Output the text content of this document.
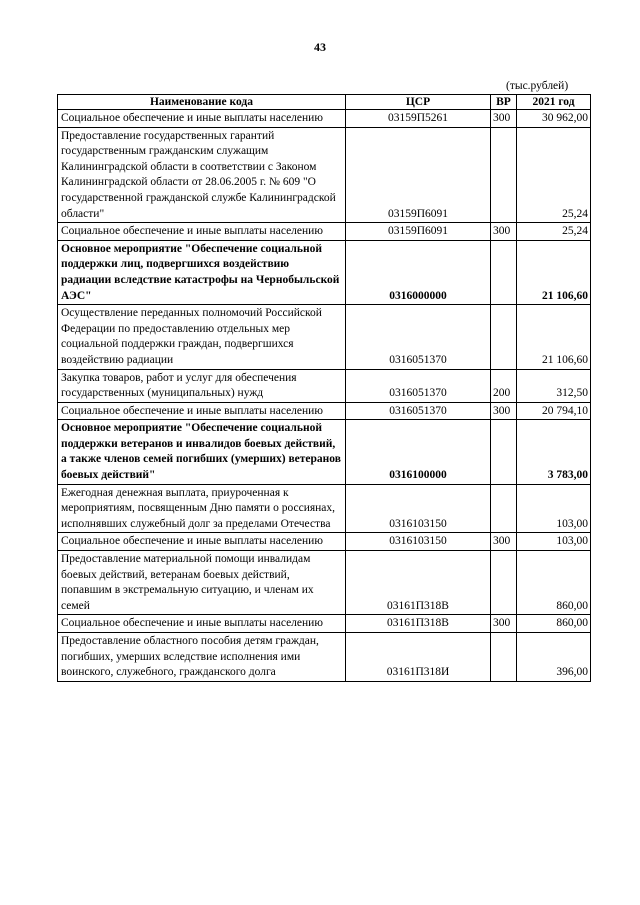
43
(тыс.рублей)
Наименование кода	ЦСР	ВР	2021 год
Социальное обеспечение и иные выплаты населению	03159П5261	300	30 962,00
Предоставление государственных гарантий государственным гражданским служащим Калининградской области в соответствии с Законом Калининградской области от 28.06.2005 г. № 609 "О государственной гражданской службе Калининградской области"	03159П6091		25,24
Социальное обеспечение и иные выплаты населению	03159П6091	300	25,24
Основное мероприятие "Обеспечение социальной поддержки лиц, подвергшихся воздействию радиации вследствие катастрофы на Чернобыльской АЭС"	0316000000		21 106,60
Осуществление переданных полномочий Российской Федерации по предоставлению отдельных мер социальной поддержки граждан, подвергшихся воздействию радиации	0316051370		21 106,60
Закупка товаров, работ и услуг для обеспечения государственных (муниципальных) нужд	0316051370	200	312,50
Социальное обеспечение и иные выплаты населению	0316051370	300	20 794,10
Основное мероприятие "Обеспечение социальной поддержки ветеранов и инвалидов боевых действий, а также членов семей погибших (умерших) ветеранов боевых действий"	0316100000		3 783,00
Ежегодная денежная выплата, приуроченная к мероприятиям, посвященным Дню памяти о россиянах, исполнявших служебный долг за пределами Отечества	0316103150		103,00
Социальное обеспечение и иные выплаты населению	0316103150	300	103,00
Предоставление материальной помощи инвалидам боевых действий, ветеранам боевых действий, попавшим в экстремальную ситуацию, и членам их семей	03161П318В		860,00
Социальное обеспечение и иные выплаты населению	03161П318В	300	860,00
Предоставление областного пособия детям граждан, погибших, умерших вследствие исполнения ими воинского, служебного, гражданского долга	03161П318И		396,00
